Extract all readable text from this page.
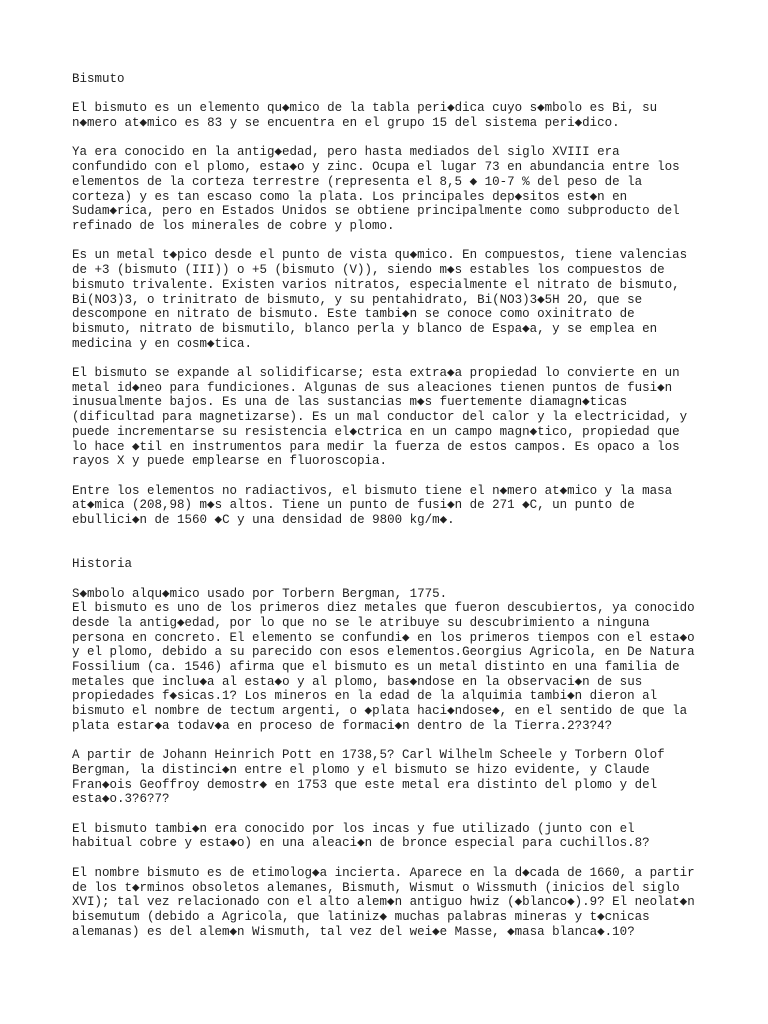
Bismuto

El bismuto es un elemento qu◆mico de la tabla peri◆dica cuyo s◆mbolo es Bi, su
n◆mero at◆mico es 83 y se encuentra en el grupo 15 del sistema peri◆dico.

Ya era conocido en la antig◆edad, pero hasta mediados del siglo XVIII era
confundido con el plomo, esta◆o y zinc. Ocupa el lugar 73 en abundancia entre los
elementos de la corteza terrestre (representa el 8,5 ◆ 10-7 % del peso de la
corteza) y es tan escaso como la plata. Los principales dep◆sitos est◆n en
Sudam◆rica, pero en Estados Unidos se obtiene principalmente como subproducto del
refinado de los minerales de cobre y plomo.

Es un metal t◆pico desde el punto de vista qu◆mico. En compuestos, tiene valencias
de +3 (bismuto (III)) o +5 (bismuto (V)), siendo m◆s estables los compuestos de
bismuto trivalente. Existen varios nitratos, especialmente el nitrato de bismuto,
Bi(NO3)3, o trinitrato de bismuto, y su pentahidrato, Bi(NO3)3◆5H 2O, que se
descompone en nitrato de bismuto. Este tambi◆n se conoce como oxinitrato de
bismuto, nitrato de bismutilo, blanco perla y blanco de Espa◆a, y se emplea en
medicina y en cosm◆tica.

El bismuto se expande al solidificarse; esta extra◆a propiedad lo convierte en un
metal id◆neo para fundiciones. Algunas de sus aleaciones tienen puntos de fusi◆n
inusualmente bajos. Es una de las sustancias m◆s fuertemente diamagn◆ticas
(dificultad para magnetizarse). Es un mal conductor del calor y la electricidad, y
puede incrementarse su resistencia el◆ctrica en un campo magn◆tico, propiedad que
lo hace ◆til en instrumentos para medir la fuerza de estos campos. Es opaco a los
rayos X y puede emplearse en fluoroscopia.

Entre los elementos no radiactivos, el bismuto tiene el n◆mero at◆mico y la masa
at◆mica (208,98) m◆s altos. Tiene un punto de fusi◆n de 271 ◆C, un punto de
ebullici◆n de 1560 ◆C y una densidad de 9800 kg/m◆.

Historia

S◆mbolo alqu◆mico usado por Torbern Bergman, 1775.
El bismuto es uno de los primeros diez metales que fueron descubiertos, ya conocido
desde la antig◆edad, por lo que no se le atribuye su descubrimiento a ninguna
persona en concreto. El elemento se confundi◆ en los primeros tiempos con el esta◆o
y el plomo, debido a su parecido con esos elementos.Georgius Agricola, en De Natura
Fossilium (ca. 1546) afirma que el bismuto es un metal distinto en una familia de
metales que inclu◆a al esta◆o y al plomo, bas◆ndose en la observaci◆n de sus
propiedades f◆sicas.1? Los mineros en la edad de la alquimia tambi◆n dieron al
bismuto el nombre de tectum argenti, o ◆plata haci◆ndose◆, en el sentido de que la
plata estar◆a todav◆a en proceso de formaci◆n dentro de la Tierra.2?3?4?

A partir de Johann Heinrich Pott en 1738,5? Carl Wilhelm Scheele y Torbern Olof
Bergman, la distinci◆n entre el plomo y el bismuto se hizo evidente, y Claude
Fran◆ois Geoffroy demostr◆ en 1753 que este metal era distinto del plomo y del
esta◆o.3?6?7?

El bismuto tambi◆n era conocido por los incas y fue utilizado (junto con el
habitual cobre y esta◆o) en una aleaci◆n de bronce especial para cuchillos.8?

El nombre bismuto es de etimolog◆a incierta. Aparece en la d◆cada de 1660, a partir
de los t◆rminos obsoletos alemanes, Bismuth, Wismut o Wissmuth (inicios del siglo
XVI); tal vez relacionado con el alto alem◆n antiguo hwiz (◆blanco◆).9? El neolat◆n
bisemutum (debido a Agricola, que latiniz◆ muchas palabras mineras y t◆cnicas
alemanas) es del alem◆n Wismuth, tal vez del wei◆e Masse, ◆masa blanca◆.10?
